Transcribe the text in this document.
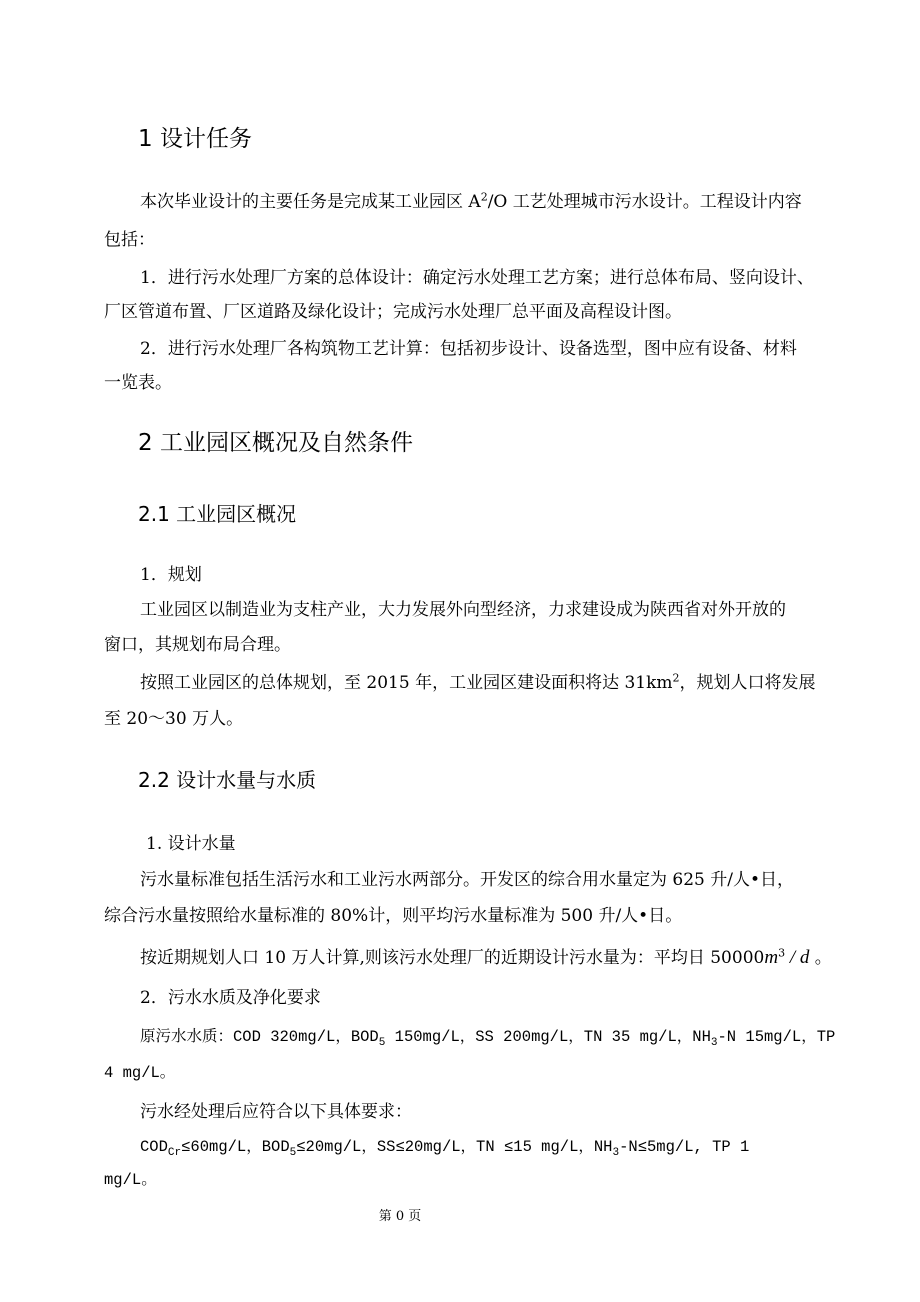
1 设计任务
本次毕业设计的主要任务是完成某工业园区 $A^2/O$ 工艺处理城市污水设计。工程设计内容
包括：
1．进行污水处理厂方案的总体设计：确定污水处理工艺方案；进行总体布局、竖向设计、
厂区管道布置、厂区道路及绿化设计；完成污水处理厂总平面及高程设计图。
2．进行污水处理厂各构筑物工艺计算：包括初步设计、设备选型，图中应有设备、材料
一览表。
2 工业园区概况及自然条件
2.1 工业园区概况
1．规划
工业园区以制造业为支柱产业，大力发展外向型经济，力求建设成为陕西省对外开放的
窗口，其规划布局合理。
按照工业园区的总体规划，至 2015 年，工业园区建设面积将达 $31km^2$，规划人口将发展
至 20～30 万人。
2.2 设计水量与水质
1. 设计水量
污水量标准包括生活污水和工业污水两部分。开发区的综合用水量定为 625 升/人•日，
综合污水量按照给水量标准的 80%计，则平均污水量标准为 500 升/人•日。
按近期规划人口 10 万人计算,则该污水处理厂的近期设计污水量为：平均日 $50000m^3$ / d 。
2．污水水质及净化要求
原污水水质：COD 320mg/L，$BOD_5$ 150mg/L，SS 200mg/L，TN 35 mg/L，$NH_3-N$ 15mg/L，TP
4 mg/L。
污水经处理后应符合以下具体要求：
$COD_{Cr}\le 60mg/L$，$BOD_5\le 20mg/L$，SS≤20mg/L，TN ≤15 mg/L，$NH_3-N\le 5mg/L$, TP 1
mg/L。
第 0 页
